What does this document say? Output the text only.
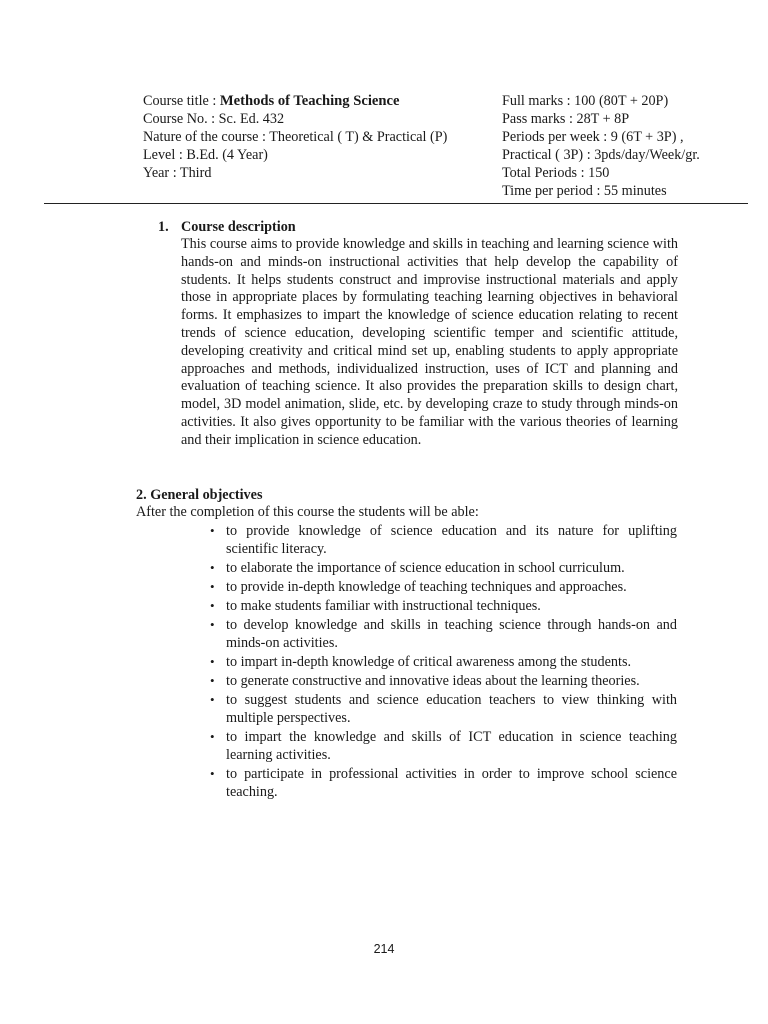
Course title : Methods of Teaching Science
Course No. : Sc. Ed. 432
Nature of the course : Theoretical ( T) & Practical (P)
Level : B.Ed. (4 Year)
Year : Third
Full marks : 100 (80T + 20P)
Pass marks : 28T + 8P
Periods per week : 9 (6T + 3P) ,
Practical ( 3P) : 3pds/day/Week/gr.
Total Periods : 150
Time per period : 55 minutes
1. Course description
This course aims to provide knowledge and skills in teaching and learning science with hands-on and minds-on instructional activities that help develop the capability of students. It helps students construct and improvise instructional materials and apply those in appropriate places by formulating teaching learning objectives in behavioral forms. It emphasizes to impart the knowledge of science education relating to recent trends of science education, developing scientific temper and scientific attitude, developing creativity and critical mind set up, enabling students to apply appropriate approaches and methods, individualized instruction, uses of ICT and planning and evaluation of teaching science. It also provides the preparation skills to design chart, model, 3D model animation, slide, etc. by developing craze to study through minds-on activities. It also gives opportunity to be familiar with the various theories of learning and their implication in science education.
2. General objectives
After the completion of this course the students will be able:
• to provide knowledge of science education and its nature for uplifting scientific literacy.
• to elaborate the importance of science education in school curriculum.
• to provide in-depth knowledge of teaching techniques and approaches.
• to make students familiar with instructional techniques.
• to develop knowledge and skills in teaching science through hands-on and minds-on activities.
• to impart in-depth knowledge of critical awareness among the students.
• to generate constructive and innovative ideas about the learning theories.
• to suggest students and science education teachers to view thinking with multiple perspectives.
• to impart the knowledge and skills of ICT education in science teaching learning activities.
• to participate in professional activities in order to improve school science teaching.
214
